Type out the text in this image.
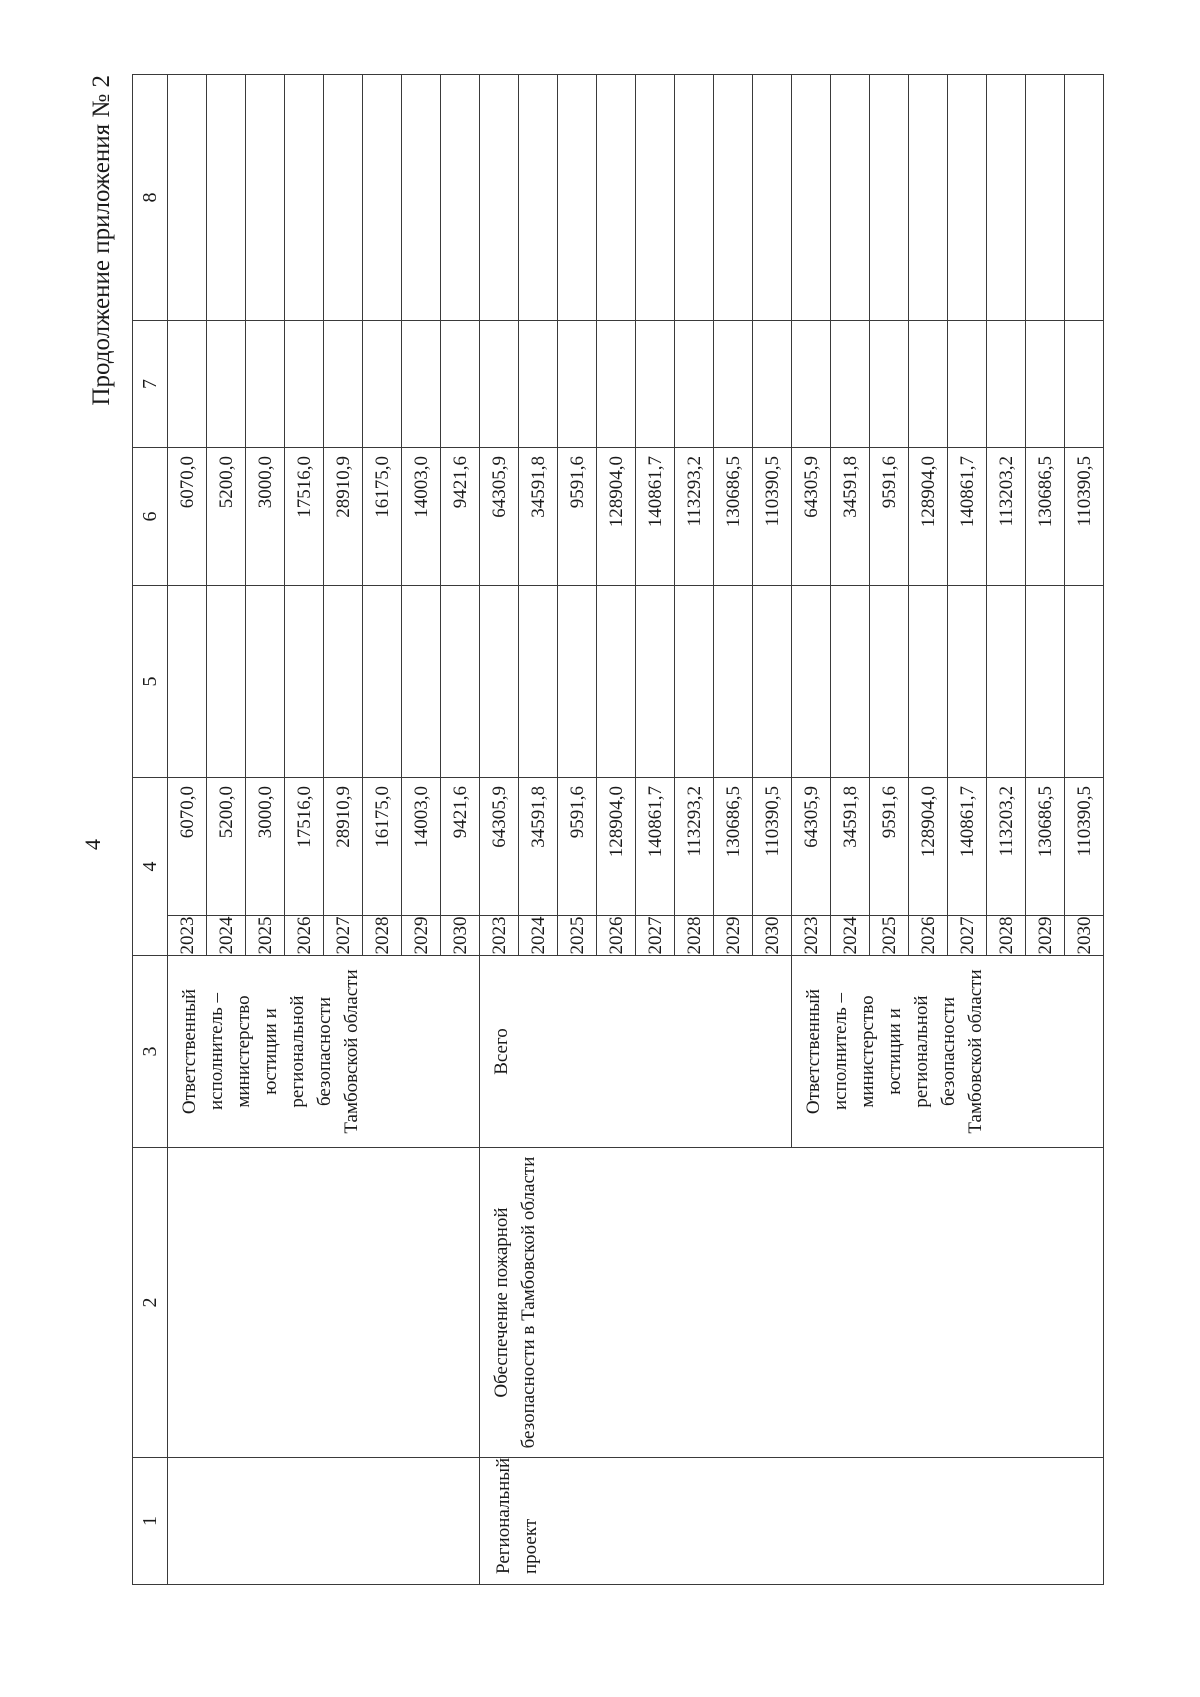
4
Продолжение приложения № 2
1	2	3	4		5	6	7	8
		Ответственный исполнитель – министерство юстиции и региональной безопасности Тамбовской области	2023	6070,0		6070,0		
			2024	5200,0		5200,0		
			2025	3000,0		3000,0		
			2026	17516,0		17516,0		
			2027	28910,9		28910,9		
			2028	16175,0		16175,0		
			2029	14003,0		14003,0		
			2030	9421,6		9421,6		
Региональный проект	Обеспечение пожарной безопасности в Тамбовской области	Всего	2023	64305,9		64305,9		
			2024	34591,8		34591,8		
			2025	9591,6		9591,6		
			2026	128904,0		128904,0		
			2027	140861,7		140861,7		
			2028	113293,2		113293,2		
			2029	130686,5		130686,5		
			2030	110390,5		110390,5		
		Ответственный исполнитель – министерство юстиции и региональной безопасности Тамбовской области	2023	64305,9		64305,9		
			2024	34591,8		34591,8		
			2025	9591,6		9591,6		
			2026	128904,0		128904,0		
			2027	140861,7		140861,7		
			2028	113203,2		113203,2		
			2029	130686,5		130686,5		
			2030	110390,5		110390,5		
